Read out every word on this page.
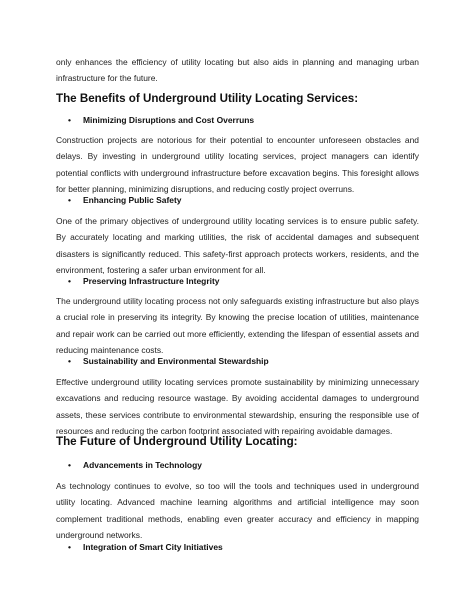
only enhances the efficiency of utility locating but also aids in planning and managing urban infrastructure for the future.

The Benefits of Underground Utility Locating Services:
• Minimizing Disruptions and Cost Overruns

Construction projects are notorious for their potential to encounter unforeseen obstacles and delays. By investing in underground utility locating services, project managers can identify potential conflicts with underground infrastructure before excavation begins. This foresight allows for better planning, minimizing disruptions, and reducing costly project overruns.

• Enhancing Public Safety

One of the primary objectives of underground utility locating services is to ensure public safety. By accurately locating and marking utilities, the risk of accidental damages and subsequent disasters is significantly reduced. This safety-first approach protects workers, residents, and the environment, fostering a safer urban environment for all.

• Preserving Infrastructure Integrity

The underground utility locating process not only safeguards existing infrastructure but also plays a crucial role in preserving its integrity. By knowing the precise location of utilities, maintenance and repair work can be carried out more efficiently, extending the lifespan of essential assets and reducing maintenance costs.

• Sustainability and Environmental Stewardship

Effective underground utility locating services promote sustainability by minimizing unnecessary excavations and reducing resource wastage. By avoiding accidental damages to underground assets, these services contribute to environmental stewardship, ensuring the responsible use of resources and reducing the carbon footprint associated with repairing avoidable damages.

The Future of Underground Utility Locating:
• Advancements in Technology

As technology continues to evolve, so too will the tools and techniques used in underground utility locating. Advanced machine learning algorithms and artificial intelligence may soon complement traditional methods, enabling even greater accuracy and efficiency in mapping underground networks.

• Integration of Smart City Initiatives
